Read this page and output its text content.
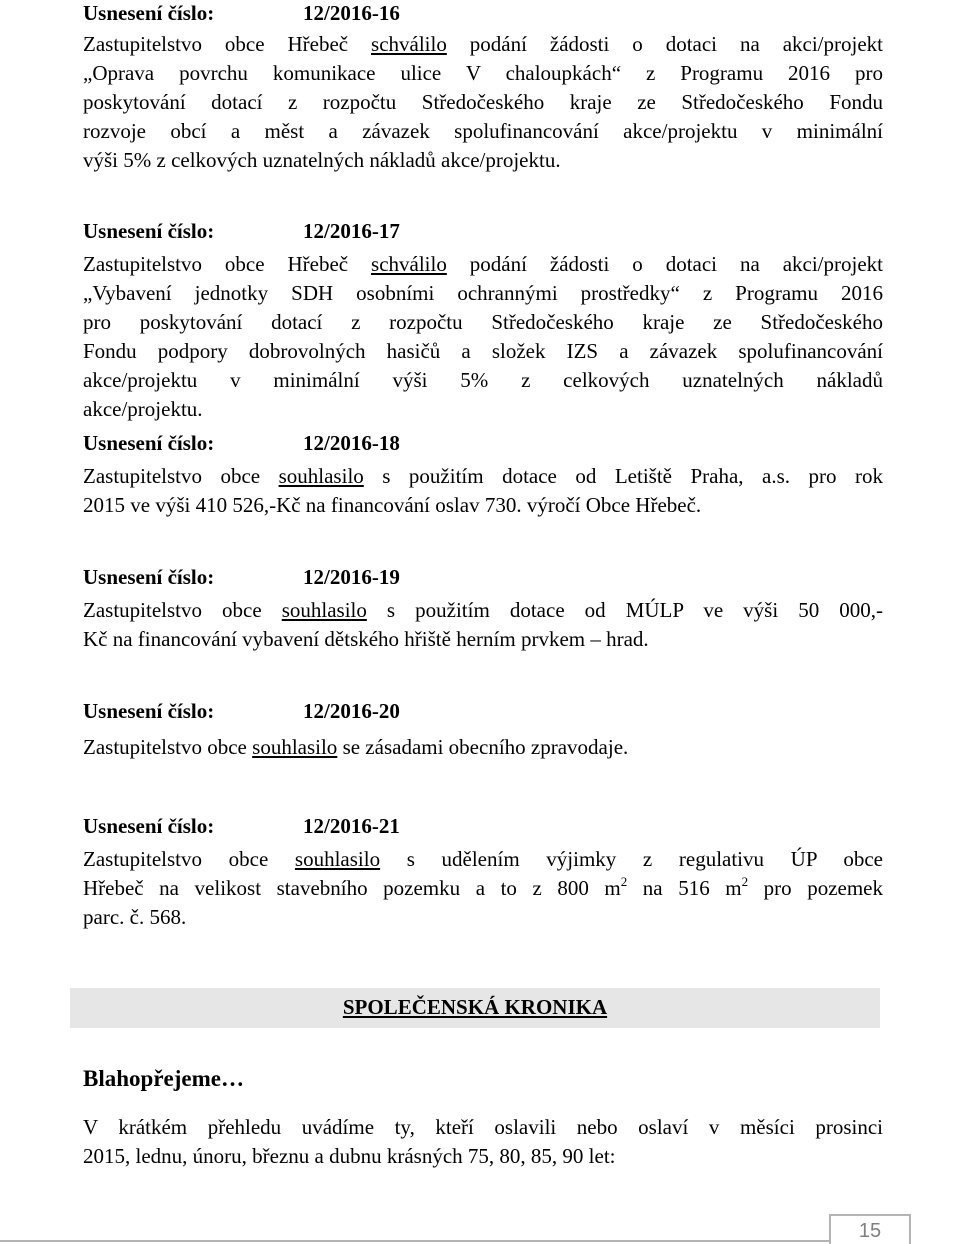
Usnesení číslo:	12/2016-16
Zastupitelstvo obce Hřebeč schválilo podání žádosti o dotaci na akci/projekt
„Oprava povrchu komunikace ulice V chaloupkách“ z Programu 2016 pro
poskytování dotací z rozpočtu Středočeského kraje ze Středočeského Fondu
rozvoje obcí a měst a závazek spolufinancování akce/projektu v minimální
výši 5% z celkových uznatelných nákladů akce/projektu.
Usnesení číslo:	12/2016-17
Zastupitelstvo obce Hřebeč schválilo podání žádosti o dotaci na akci/projekt
„Vybavení jednotky SDH osobními ochrannými prostředky“ z Programu 2016
pro poskytování dotací z rozpočtu Středočeského kraje ze Středočeského
Fondu podpory dobrovolných hasičů a složek IZS a závazek spolufinancování
akce/projektu v minimální výši 5% z celkových uznatelných nákladů
akce/projektu.
Usnesení číslo:	12/2016-18
Zastupitelstvo obce souhlasilo s použitím dotace od Letiště Praha, a.s. pro rok
2015 ve výši 410 526,-Kč na financování oslav 730. výročí Obce Hřebeč.
Usnesení číslo:	12/2016-19
Zastupitelstvo obce souhlasilo s použitím dotace od MÚLP ve výši 50 000,-
Kč na financování vybavení dětského hřiště herním prvkem – hrad.
Usnesení číslo:	12/2016-20
Zastupitelstvo obce souhlasilo se zásadami obecního zpravodaje.
Usnesení číslo:	12/2016-21
Zastupitelstvo obce souhlasilo s udělením výjimky z regulativu ÚP obce
Hřebeč na velikost stavebního pozemku a to z 800 $m^2$ na 516 $m^2$ pro pozemek
parc. č. 568.
SPOLEČENSKÁ KRONIKA
Blahopřejeme…
V krátkém přehledu uvádíme ty, kteří oslavili nebo oslaví v měsíci prosinci
2015, lednu, únoru, březnu a dubnu krásných 75, 80, 85, 90 let:
15
